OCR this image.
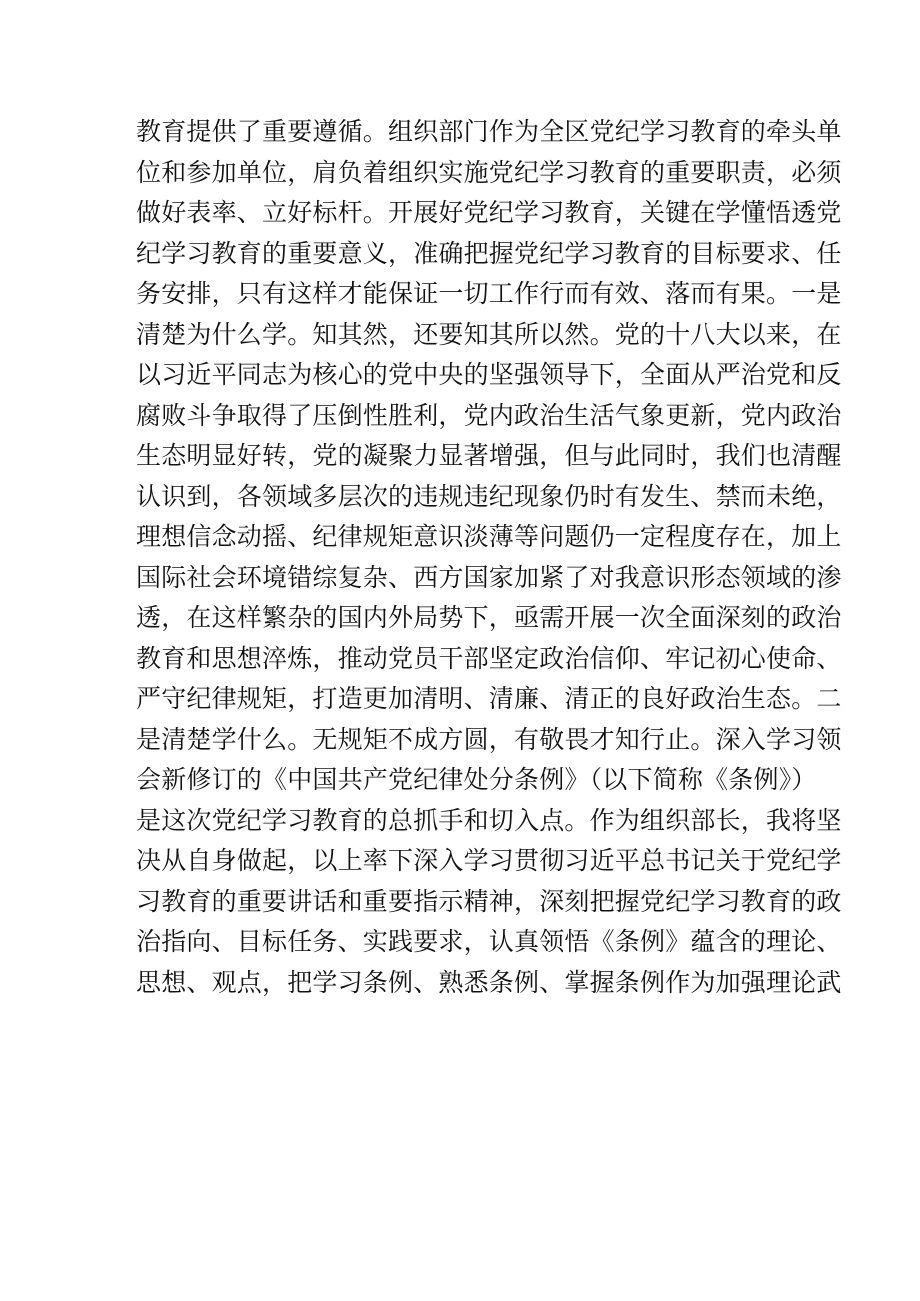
教育提供了重要遵循。组织部门作为全区党纪学习教育的牵头单
位和参加单位，肩负着组织实施党纪学习教育的重要职责，必须
做好表率、立好标杆。开展好党纪学习教育，关键在学懂悟透党
纪学习教育的重要意义，准确把握党纪学习教育的目标要求、任
务安排，只有这样才能保证一切工作行而有效、落而有果。一是
清楚为什么学。知其然，还要知其所以然。党的十八大以来，在
以习近平同志为核心的党中央的坚强领导下，全面从严治党和反
腐败斗争取得了压倒性胜利，党内政治生活气象更新，党内政治
生态明显好转，党的凝聚力显著增强，但与此同时，我们也清醒
认识到，各领域多层次的违规违纪现象仍时有发生、禁而未绝，
理想信念动摇、纪律规矩意识淡薄等问题仍一定程度存在，加上
国际社会环境错综复杂、西方国家加紧了对我意识形态领域的渗
透，在这样繁杂的国内外局势下，亟需开展一次全面深刻的政治
教育和思想淬炼，推动党员干部坚定政治信仰、牢记初心使命、
严守纪律规矩，打造更加清明、清廉、清正的良好政治生态。二
是清楚学什么。无规矩不成方圆，有敬畏才知行止。深入学习领
会新修订的《中国共产党纪律处分条例》（以下简称《条例》）
是这次党纪学习教育的总抓手和切入点。作为组织部长，我将坚
决从自身做起，以上率下深入学习贯彻习近平总书记关于党纪学
习教育的重要讲话和重要指示精神，深刻把握党纪学习教育的政
治指向、目标任务、实践要求，认真领悟《条例》蕴含的理论、
思想、观点，把学习条例、熟悉条例、掌握条例作为加强理论武
